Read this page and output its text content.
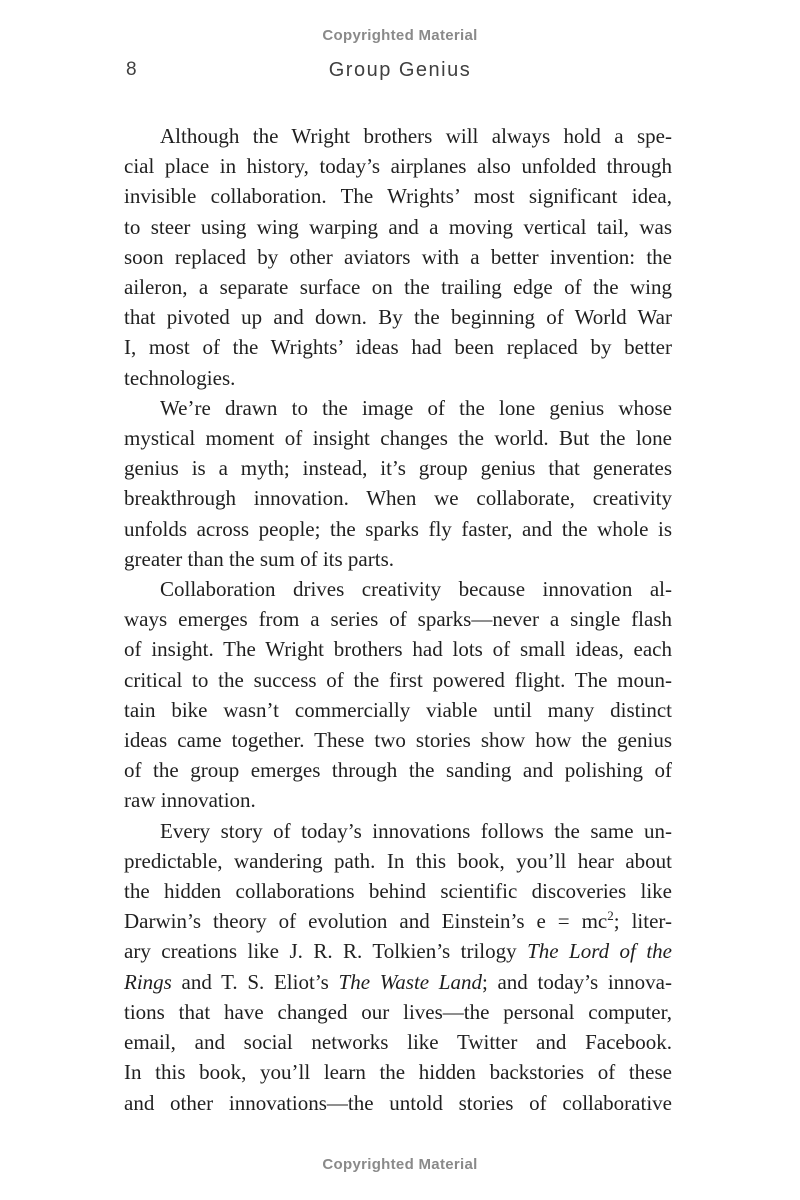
Copyrighted Material
8	Group Genius
Although the Wright brothers will always hold a spe-
cial place in history, today’s airplanes also unfolded through
invisible collaboration. The Wrights’ most significant idea,
to steer using wing warping and a moving vertical tail, was
soon replaced by other aviators with a better invention: the
aileron, a separate surface on the trailing edge of the wing
that pivoted up and down. By the beginning of World War
I, most of the Wrights’ ideas had been replaced by better
technologies.
We’re drawn to the image of the lone genius whose
mystical moment of insight changes the world. But the lone
genius is a myth; instead, it’s group genius that generates
breakthrough innovation. When we collaborate, creativity
unfolds across people; the sparks fly faster, and the whole is
greater than the sum of its parts.
Collaboration drives creativity because innovation al-
ways emerges from a series of sparks—never a single flash
of insight. The Wright brothers had lots of small ideas, each
critical to the success of the first powered flight. The moun-
tain bike wasn’t commercially viable until many distinct
ideas came together. These two stories show how the genius
of the group emerges through the sanding and polishing of
raw innovation.
Every story of today’s innovations follows the same un-
predictable, wandering path. In this book, you’ll hear about
the hidden collaborations behind scientific discoveries like
Darwin’s theory of evolution and Einstein’s $e = mc^2$; liter-
ary creations like J. R. R. Tolkien’s trilogy The Lord of the
Rings and T. S. Eliot’s The Waste Land; and today’s innova-
tions that have changed our lives—the personal computer,
email, and social networks like Twitter and Facebook.
In this book, you’ll learn the hidden backstories of these
and other innovations—the untold stories of collaborative
Copyrighted Material
